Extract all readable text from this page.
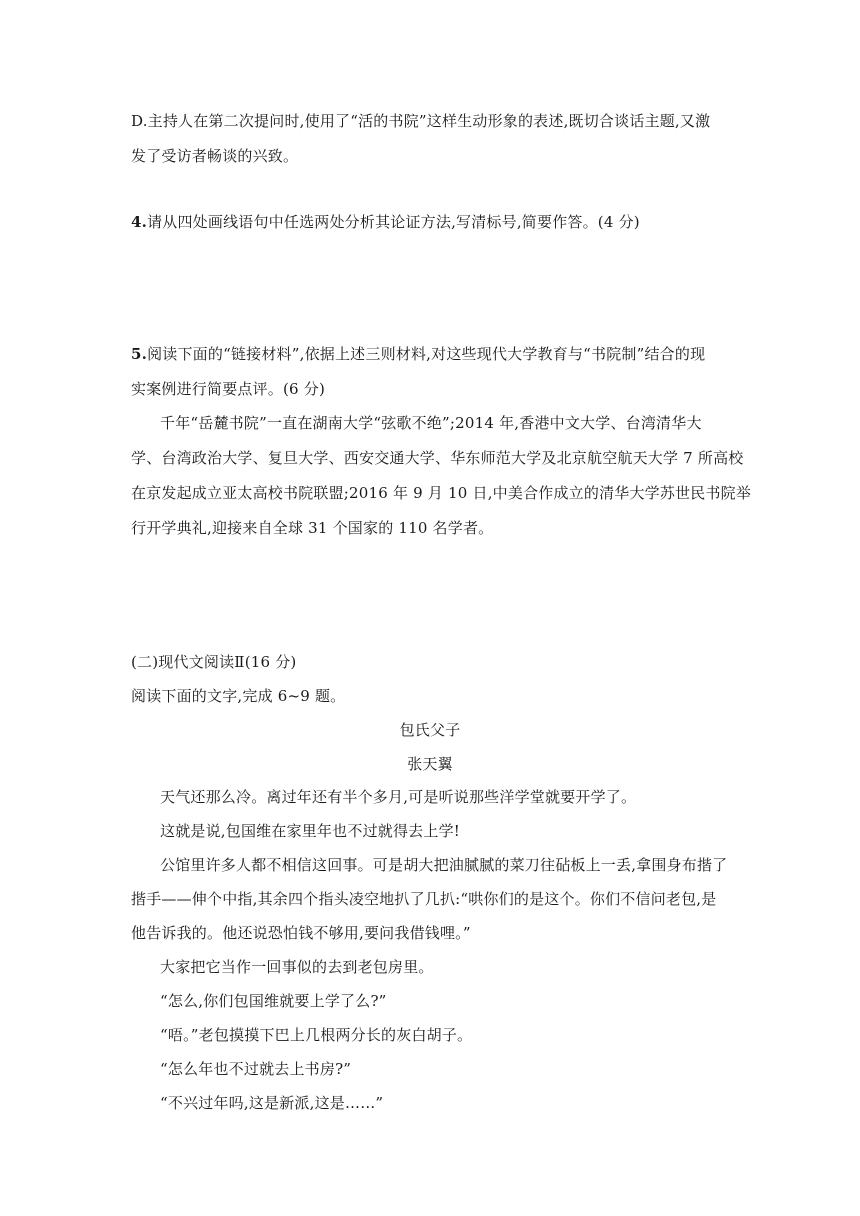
D.主持人在第二次提问时,使用了“活的书院”这样生动形象的表述,既切合谈话主题,又激
发了受访者畅谈的兴致。
4.请从四处画线语句中任选两处分析其论证方法,写清标号,简要作答。(4 分)
5.阅读下面的“链接材料”,依据上述三则材料,对这些现代大学教育与“书院制”结合的现
实案例进行简要点评。(6 分)
千年“岳麓书院”一直在湖南大学“弦歌不绝”;2014 年,香港中文大学、台湾清华大
学、台湾政治大学、复旦大学、西安交通大学、华东师范大学及北京航空航天大学 7 所高校
在京发起成立亚太高校书院联盟;2016 年 9 月 10 日,中美合作成立的清华大学苏世民书院举
行开学典礼,迎接来自全球 31 个国家的 110 名学者。
(二)现代文阅读Ⅱ(16 分)
阅读下面的文字,完成 6~9 题。
包氏父子
张天翼
天气还那么冷。离过年还有半个多月,可是听说那些洋学堂就要开学了。
这就是说,包国维在家里年也不过就得去上学!
公馆里许多人都不相信这回事。可是胡大把油腻腻的菜刀往砧板上一丢,拿围身布揩了
揩手——伸个中指,其余四个指头凌空地扒了几扒:“哄你们的是这个。你们不信问老包,是
他告诉我的。他还说恐怕钱不够用,要问我借钱哩。”
大家把它当作一回事似的去到老包房里。
“怎么,你们包国维就要上学了么?”
“唔。”老包摸摸下巴上几根两分长的灰白胡子。
“怎么年也不过就去上书房?”
“不兴过年吗,这是新派,这是……”
